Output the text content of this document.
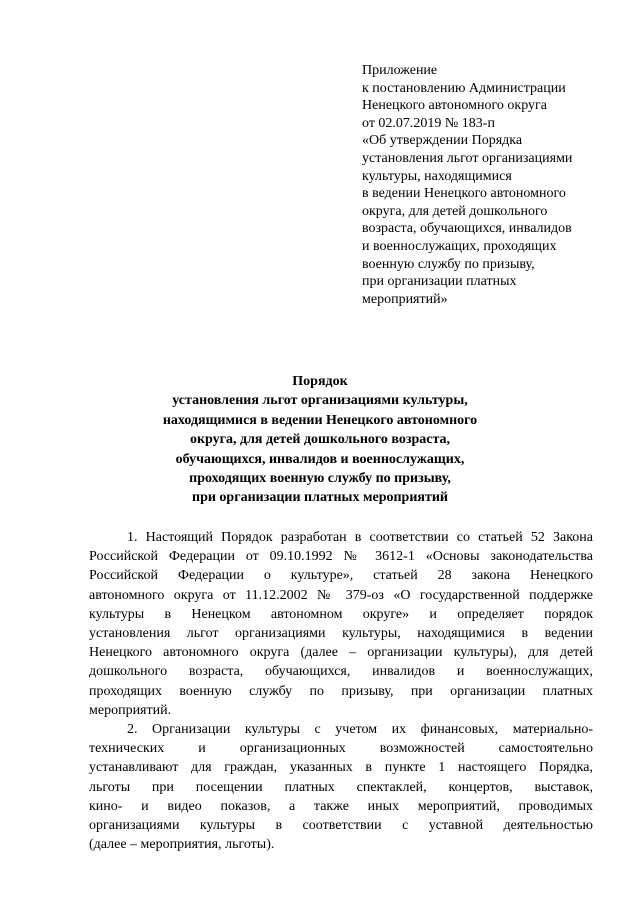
Приложение
к постановлению Администрации
Ненецкого автономного округа
от 02.07.2019 № 183-п
«Об утверждении Порядка
установления льгот организациями
культуры, находящимися
в ведении Ненецкого автономного
округа, для детей дошкольного
возраста, обучающихся, инвалидов
и военнослужащих, проходящих
военную службу по призыву,
при организации платных
мероприятий»
Порядок
установления льгот организациями культуры,
находящимися в ведении Ненецкого автономного
округа, для детей дошкольного возраста,
обучающихся, инвалидов и военнослужащих,
проходящих военную службу по призыву,
при организации платных мероприятий
1. Настоящий Порядок разработан в соответствии со статьей 52 Закона
Российской Федерации от 09.10.1992 № 3612-1 «Основы законодательства
Российской Федерации о культуре», статьей 28 закона Ненецкого
автономного округа от 11.12.2002 № 379-оз «О государственной поддержке
культуры в Ненецком автономном округе» и определяет порядок
установления льгот организациями культуры, находящимися в ведении
Ненецкого автономного округа (далее – организации культуры), для детей
дошкольного возраста, обучающихся, инвалидов и военнослужащих,
проходящих военную службу по призыву, при организации платных
мероприятий.
2. Организации культуры с учетом их финансовых, материально-
технических и организационных возможностей самостоятельно
устанавливают для граждан, указанных в пункте 1 настоящего Порядка,
льготы при посещении платных спектаклей, концертов, выставок,
кино- и видео показов, а также иных мероприятий, проводимых
организациями культуры в соответствии с уставной деятельностью
(далее – мероприятия, льготы).
